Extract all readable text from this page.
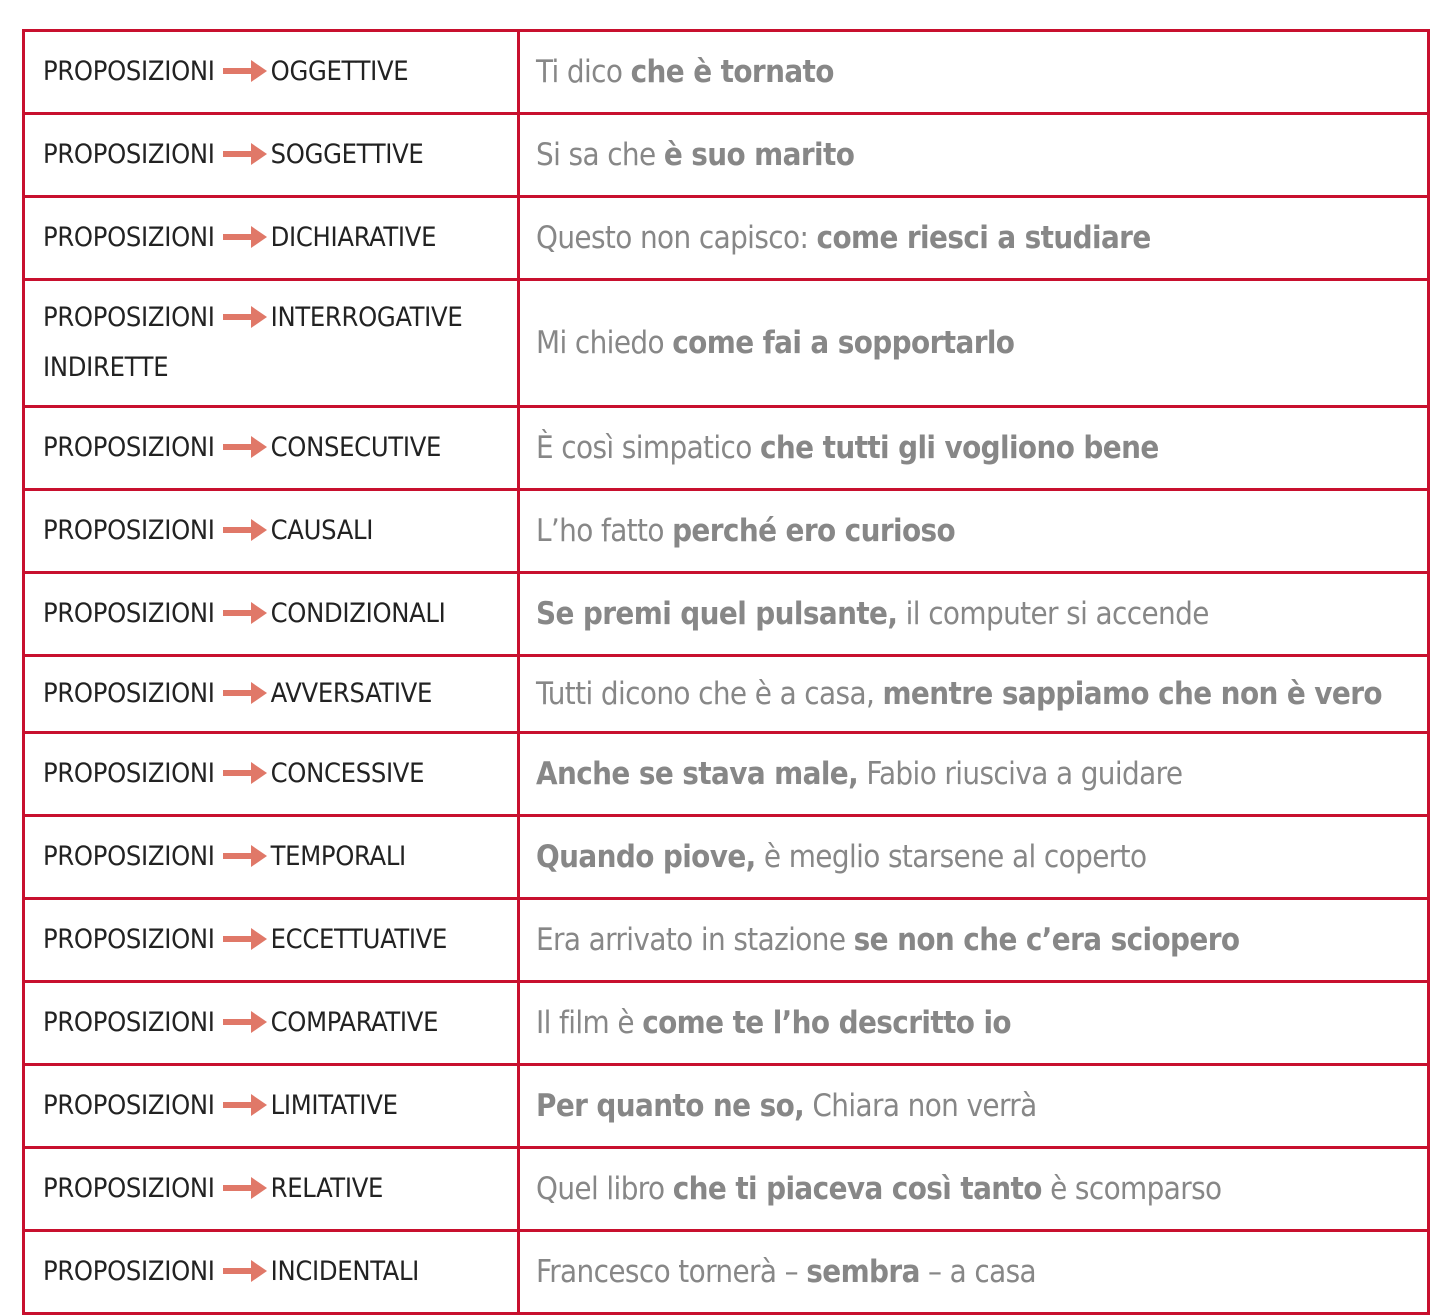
PROPOSIZIONI OGGETTIVE	Ti dico che è tornato
PROPOSIZIONI SOGGETTIVE	Si sa che è suo marito
PROPOSIZIONI DICHIARATIVE	Questo non capisco: come riesci a studiare
PROPOSIZIONI INTERROGATIVE
INDIRETTE	Mi chiedo come fai a sopportarlo
PROPOSIZIONI CONSECUTIVE	È così simpatico che tutti gli vogliono bene
PROPOSIZIONI CAUSALI	L’ho fatto perché ero curioso
PROPOSIZIONI CONDIZIONALI	Se premi quel pulsante, il computer si accende
PROPOSIZIONI AVVERSATIVE	Tutti dicono che è a casa, mentre sappiamo che non è vero
PROPOSIZIONI CONCESSIVE	Anche se stava male, Fabio riusciva a guidare
PROPOSIZIONI TEMPORALI	Quando piove, è meglio starsene al coperto
PROPOSIZIONI ECCETTUATIVE	Era arrivato in stazione se non che c’era sciopero
PROPOSIZIONI COMPARATIVE	Il film è come te l’ho descritto io
PROPOSIZIONI LIMITATIVE	Per quanto ne so, Chiara non verrà
PROPOSIZIONI RELATIVE	Quel libro che ti piaceva così tanto è scomparso
PROPOSIZIONI INCIDENTALI	Francesco tornerà – sembra – a casa
